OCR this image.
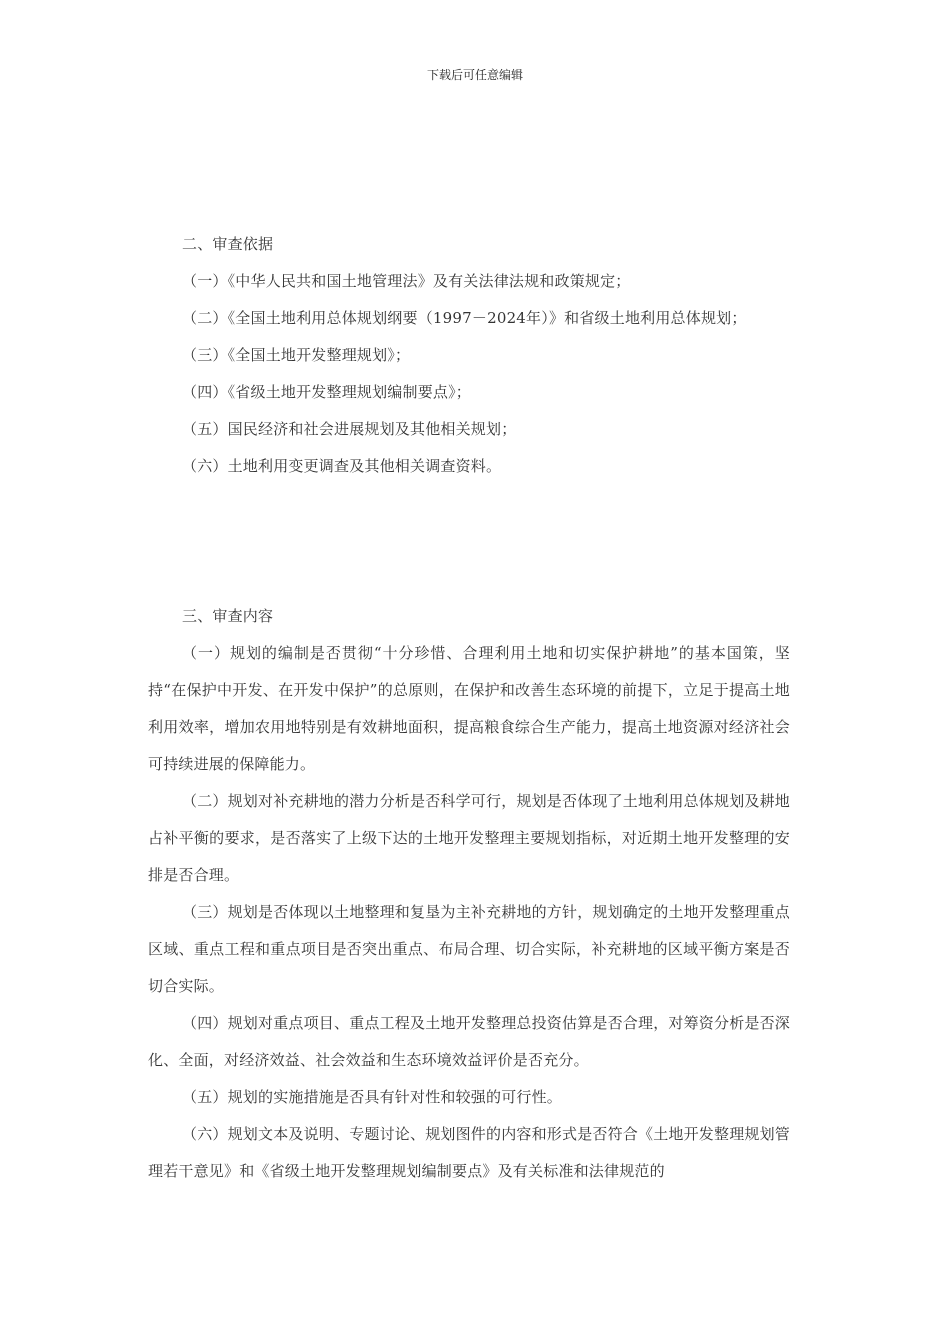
下载后可任意编辑

二、审查依据

（一）《中华人民共和国土地管理法》及有关法律法规和政策规定；

（二）《全国土地利用总体规划纲要（1997－2024年）》和省级土地利用总体规划；

（三）《全国土地开发整理规划》；

（四）《省级土地开发整理规划编制要点》；

（五）国民经济和社会进展规划及其他相关规划；

（六）土地利用变更调查及其他相关调查资料。

三、审查内容

（一）规划的编制是否贯彻“十分珍惜、合理利用土地和切实保护耕地”的基本国策，坚持“在保护中开发、在开发中保护”的总原则，在保护和改善生态环境的前提下，立足于提高土地利用效率，增加农用地特别是有效耕地面积，提高粮食综合生产能力，提高土地资源对经济社会可持续进展的保障能力。

（二）规划对补充耕地的潜力分析是否科学可行，规划是否体现了土地利用总体规划及耕地占补平衡的要求，是否落实了上级下达的土地开发整理主要规划指标，对近期土地开发整理的安排是否合理。

（三）规划是否体现以土地整理和复垦为主补充耕地的方针，规划确定的土地开发整理重点区域、重点工程和重点项目是否突出重点、布局合理、切合实际，补充耕地的区域平衡方案是否切合实际。

（四）规划对重点项目、重点工程及土地开发整理总投资估算是否合理，对筹资分析是否深化、全面，对经济效益、社会效益和生态环境效益评价是否充分。

（五）规划的实施措施是否具有针对性和较强的可行性。

（六）规划文本及说明、专题讨论、规划图件的内容和形式是否符合《土地开发整理规划管理若干意见》和《省级土地开发整理规划编制要点》及有关标准和法律规范的
